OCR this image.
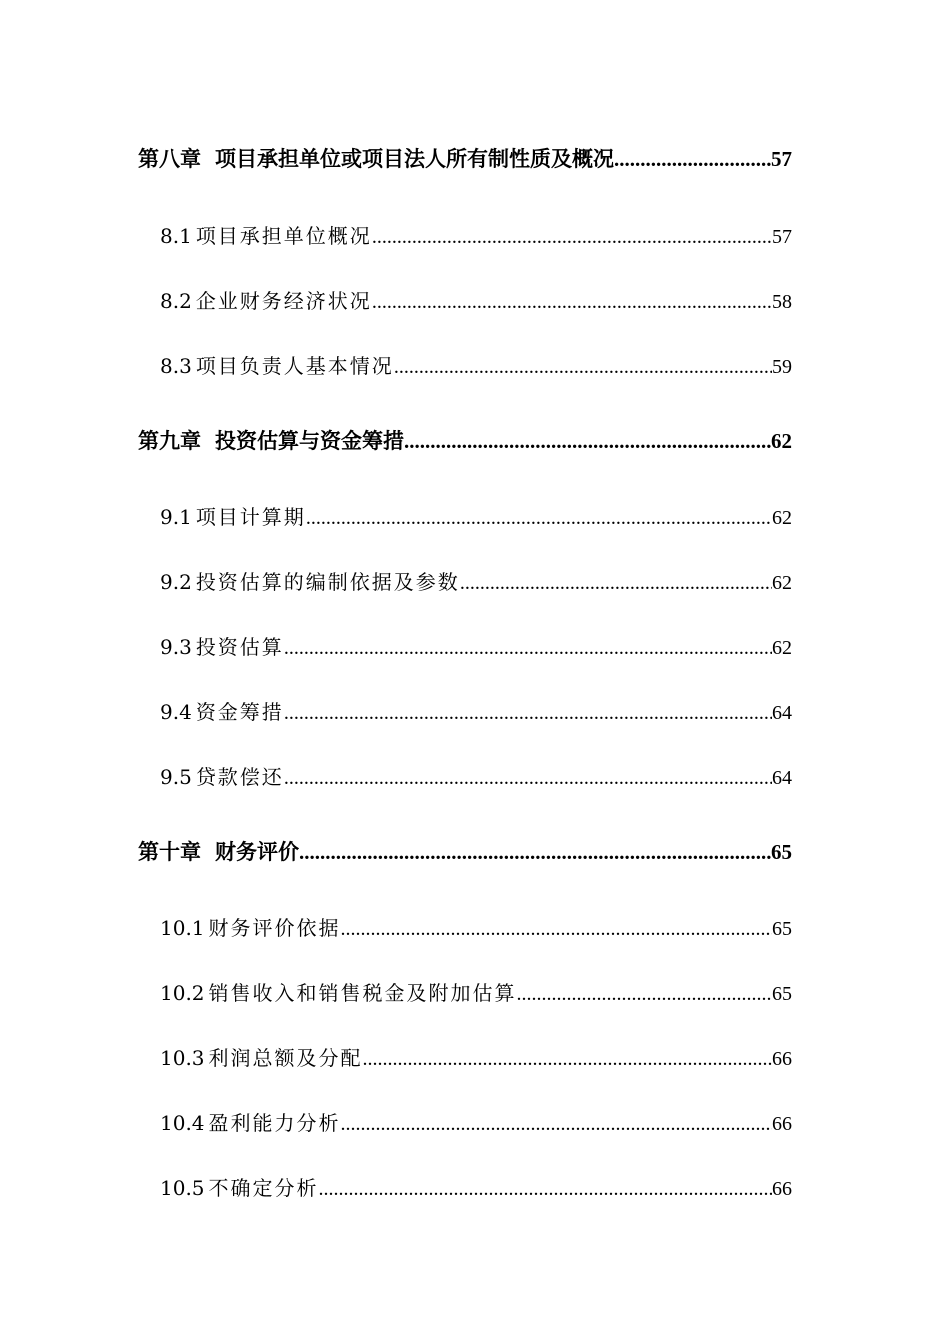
第八章 项目承担单位或项目法人所有制性质及概况 .....	57
8.1 项目承担单位概况 .....	57
8.2 企业财务经济状况 .....	58
8.3 项目负责人基本情况 .....	59
第九章 投资估算与资金筹措 .....	62
9.1 项目计算期 .....	62
9.2 投资估算的编制依据及参数 .....	62
9.3 投资估算 .....	62
9.4 资金筹措 .....	64
9.5 贷款偿还 .....	64
第十章 财务评价 .....	65
10.1 财务评价依据 .....	65
10.2 销售收入和销售税金及附加估算 .....	65
10.3 利润总额及分配 .....	66
10.4 盈利能力分析 .....	66
10.5 不确定分析 .....	66
